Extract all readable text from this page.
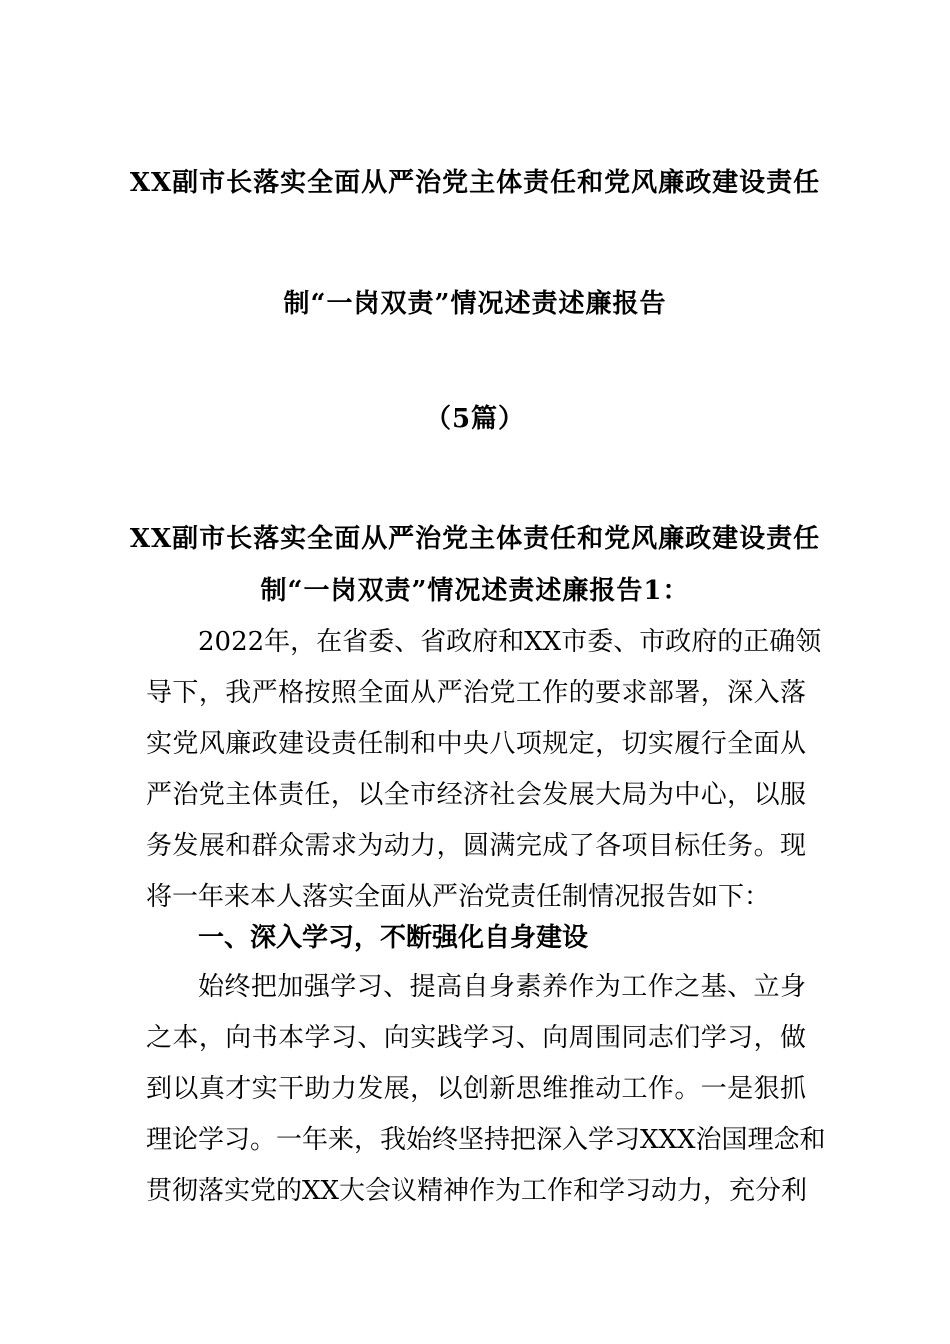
XX副市长落实全面从严治党主体责任和党风廉政建设责任
制“一岗双责”情况述责述廉报告
（5篇）
XX副市长落实全面从严治党主体责任和党风廉政建设责任
制“一岗双责”情况述责述廉报告1：
2022年，在省委、省政府和XX市委、市政府的正确领
导下，我严格按照全面从严治党工作的要求部署，深入落
实党风廉政建设责任制和中央八项规定，切实履行全面从
严治党主体责任，以全市经济社会发展大局为中心，以服
务发展和群众需求为动力，圆满完成了各项目标任务。现
将一年来本人落实全面从严治党责任制情况报告如下：
一、深入学习，不断强化自身建设
始终把加强学习、提高自身素养作为工作之基、立身
之本，向书本学习、向实践学习、向周围同志们学习，做
到以真才实干助力发展，以创新思维推动工作。一是狠抓
理论学习。一年来，我始终坚持把深入学习XXX治国理念和
贯彻落实党的XX大会议精神作为工作和学习动力，充分利
